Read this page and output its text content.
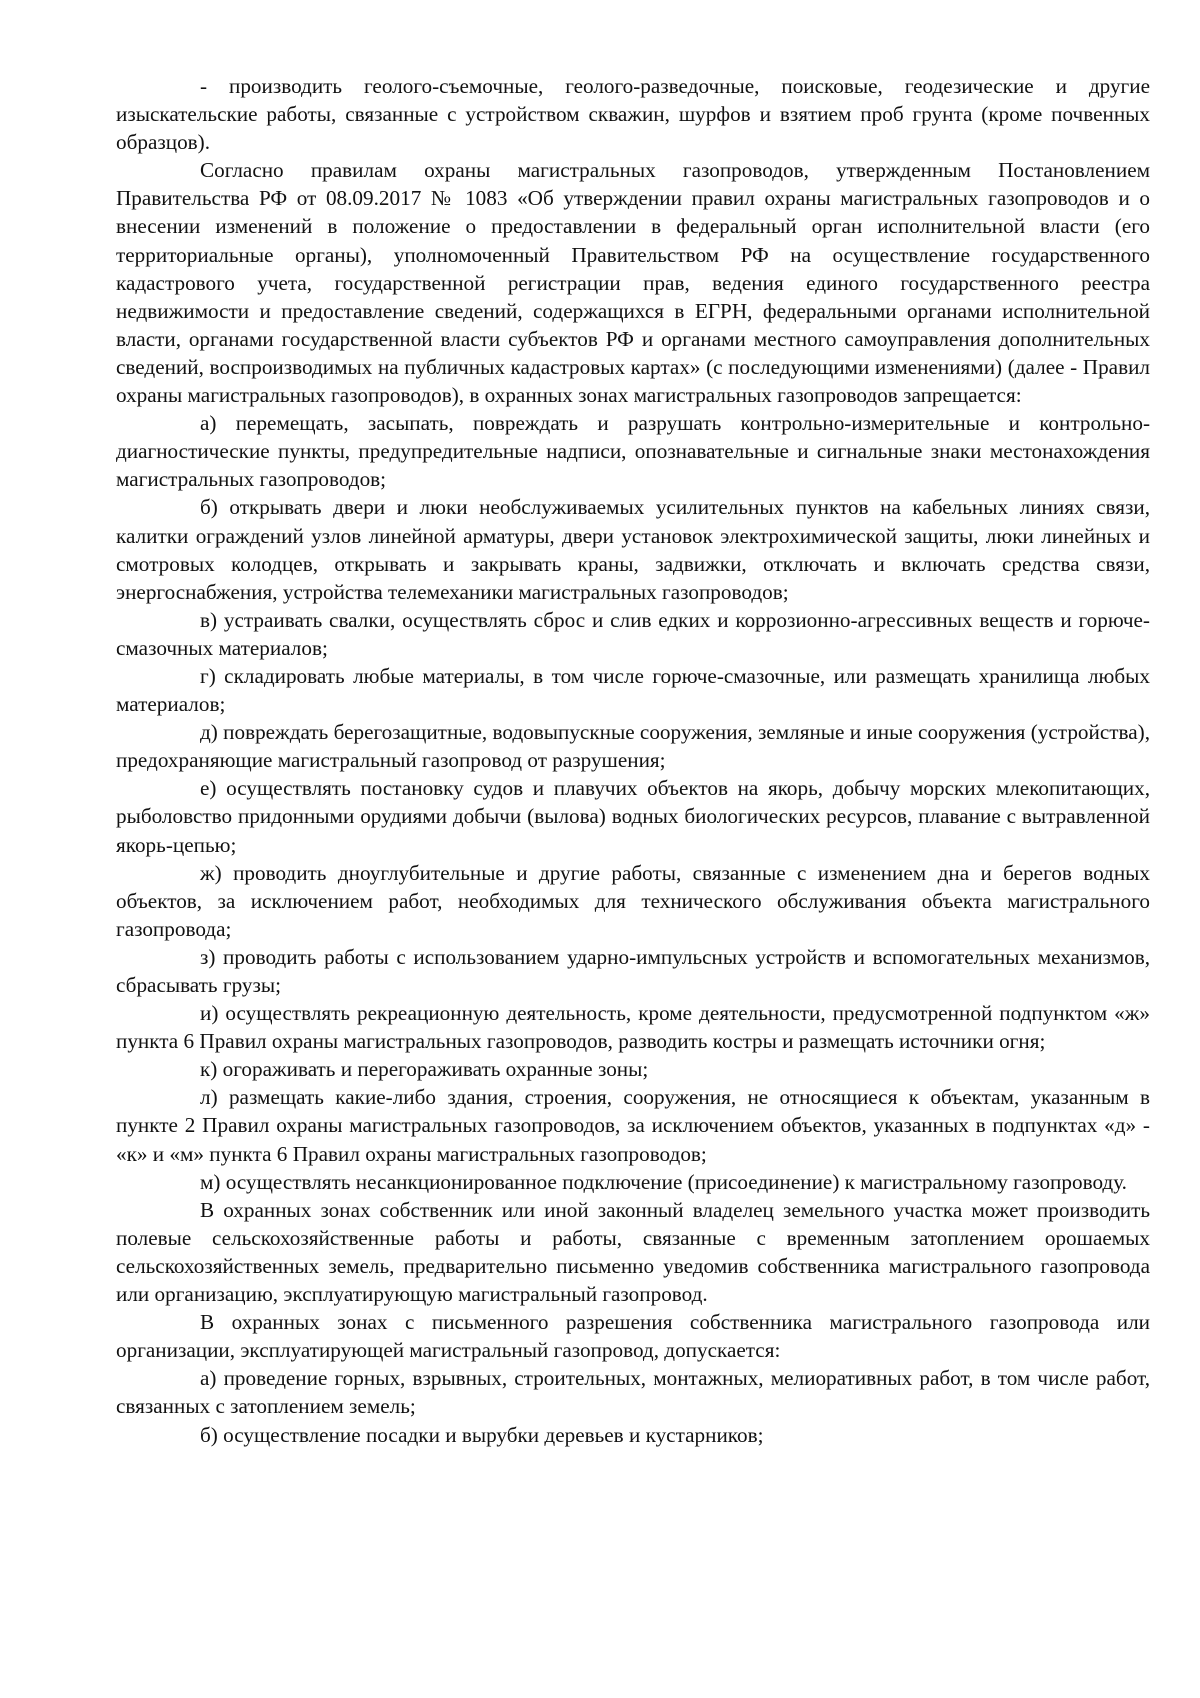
- производить геолого-съемочные, геолого-разведочные, поисковые, геодезические и другие изыскательские работы, связанные с устройством скважин, шурфов и взятием проб грунта (кроме почвенных образцов).

Согласно правилам охраны магистральных газопроводов, утвержденным Постановлением Правительства РФ от 08.09.2017 № 1083 «Об утверждении правил охраны магистральных газопроводов и о внесении изменений в положение о предоставлении в федеральный орган исполнительной власти (его территориальные органы), уполномоченный Правительством РФ на осуществление государственного кадастрового учета, государственной регистрации прав, ведения единого государственного реестра недвижимости и предоставление сведений, содержащихся в ЕГРН, федеральными органами исполнительной власти, органами государственной власти субъектов РФ и органами местного самоуправления дополнительных сведений, воспроизводимых на публичных кадастровых картах» (с последующими изменениями) (далее - Правил охраны магистральных газопроводов), в охранных зонах магистральных газопроводов запрещается:

а) перемещать, засыпать, повреждать и разрушать контрольно-измерительные и контрольно-диагностические пункты, предупредительные надписи, опознавательные и сигнальные знаки местонахождения магистральных газопроводов;

б) открывать двери и люки необслуживаемых усилительных пунктов на кабельных линиях связи, калитки ограждений узлов линейной арматуры, двери установок электрохимической защиты, люки линейных и смотровых колодцев, открывать и закрывать краны, задвижки, отключать и включать средства связи, энергоснабжения, устройства телемеханики магистральных газопроводов;

в) устраивать свалки, осуществлять сброс и слив едких и коррозионно-агрессивных веществ и горюче-смазочных материалов;

г) складировать любые материалы, в том числе горюче-смазочные, или размещать хранилища любых материалов;

д) повреждать берегозащитные, водовыпускные сооружения, земляные и иные сооружения (устройства), предохраняющие магистральный газопровод от разрушения;

е) осуществлять постановку судов и плавучих объектов на якорь, добычу морских млекопитающих, рыболовство придонными орудиями добычи (вылова) водных биологических ресурсов, плавание с вытравленной якорь-цепью;

ж) проводить дноуглубительные и другие работы, связанные с изменением дна и берегов водных объектов, за исключением работ, необходимых для технического обслуживания объекта магистрального газопровода;

з) проводить работы с использованием ударно-импульсных устройств и вспомогательных механизмов, сбрасывать грузы;

и) осуществлять рекреационную деятельность, кроме деятельности, предусмотренной подпунктом «ж» пункта 6 Правил охраны магистральных газопроводов, разводить костры и размещать источники огня;

к) огораживать и перегораживать охранные зоны;

л) размещать какие-либо здания, строения, сооружения, не относящиеся к объектам, указанным в пункте 2 Правил охраны магистральных газопроводов, за исключением объектов, указанных в подпунктах «д» - «к» и «м» пункта 6 Правил охраны магистральных газопроводов;

м) осуществлять несанкционированное подключение (присоединение) к магистральному газопроводу.

В охранных зонах собственник или иной законный владелец земельного участка может производить полевые сельскохозяйственные работы и работы, связанные с временным затоплением орошаемых сельскохозяйственных земель, предварительно письменно уведомив собственника магистрального газопровода или организацию, эксплуатирующую магистральный газопровод.

В охранных зонах с письменного разрешения собственника магистрального газопровода или организации, эксплуатирующей магистральный газопровод, допускается:

а) проведение горных, взрывных, строительных, монтажных, мелиоративных работ, в том числе работ, связанных с затоплением земель;

б) осуществление посадки и вырубки деревьев и кустарников;
